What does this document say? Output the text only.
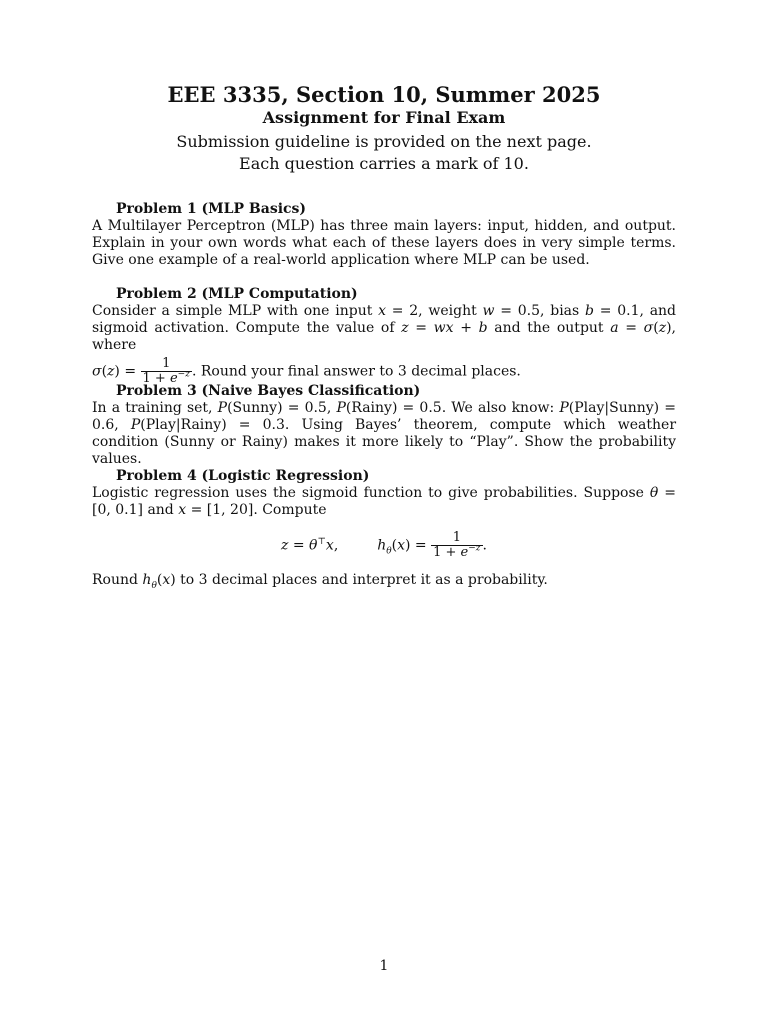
EEE 3335, Section 10, Summer 2025
Assignment for Final Exam
Submission guideline is provided on the next page.
Each question carries a mark of 10.
Problem 1 (MLP Basics)
A Multilayer Perceptron (MLP) has three main layers: input, hidden, and output. Explain in your own words what each of these layers does in very simple terms. Give one example of a real-world application where MLP can be used.
Problem 2 (MLP Computation)
Consider a simple MLP with one input x = 2, weight w = 0.5, bias b = 0.1, and sigmoid activation. Compute the value of z = wx + b and the output a = σ(z), where
$\sigma(z) = \frac{1}{1 + e^{-z}}$ . Round your final answer to 3 decimal places.
Problem 3 (Naive Bayes Classification)
In a training set, P(Sunny) = 0.5, P(Rainy) = 0.5. We also know: P(Play|Sunny) = 0.6, P(Play|Rainy) = 0.3. Using Bayes’ theorem, compute which weather condition (Sunny or Rainy) makes it more likely to “Play”. Show the probability values.
Problem 4 (Logistic Regression)
Logistic regression uses the sigmoid function to give probabilities. Suppose θ = [0, 0.1] and x = [1, 20]. Compute
z = θ⊤x,  $h_\theta(x) = \frac{1}{1 + e^{-z}}$ .
Round $h_\theta(x)$ to 3 decimal places and interpret it as a probability.
1
